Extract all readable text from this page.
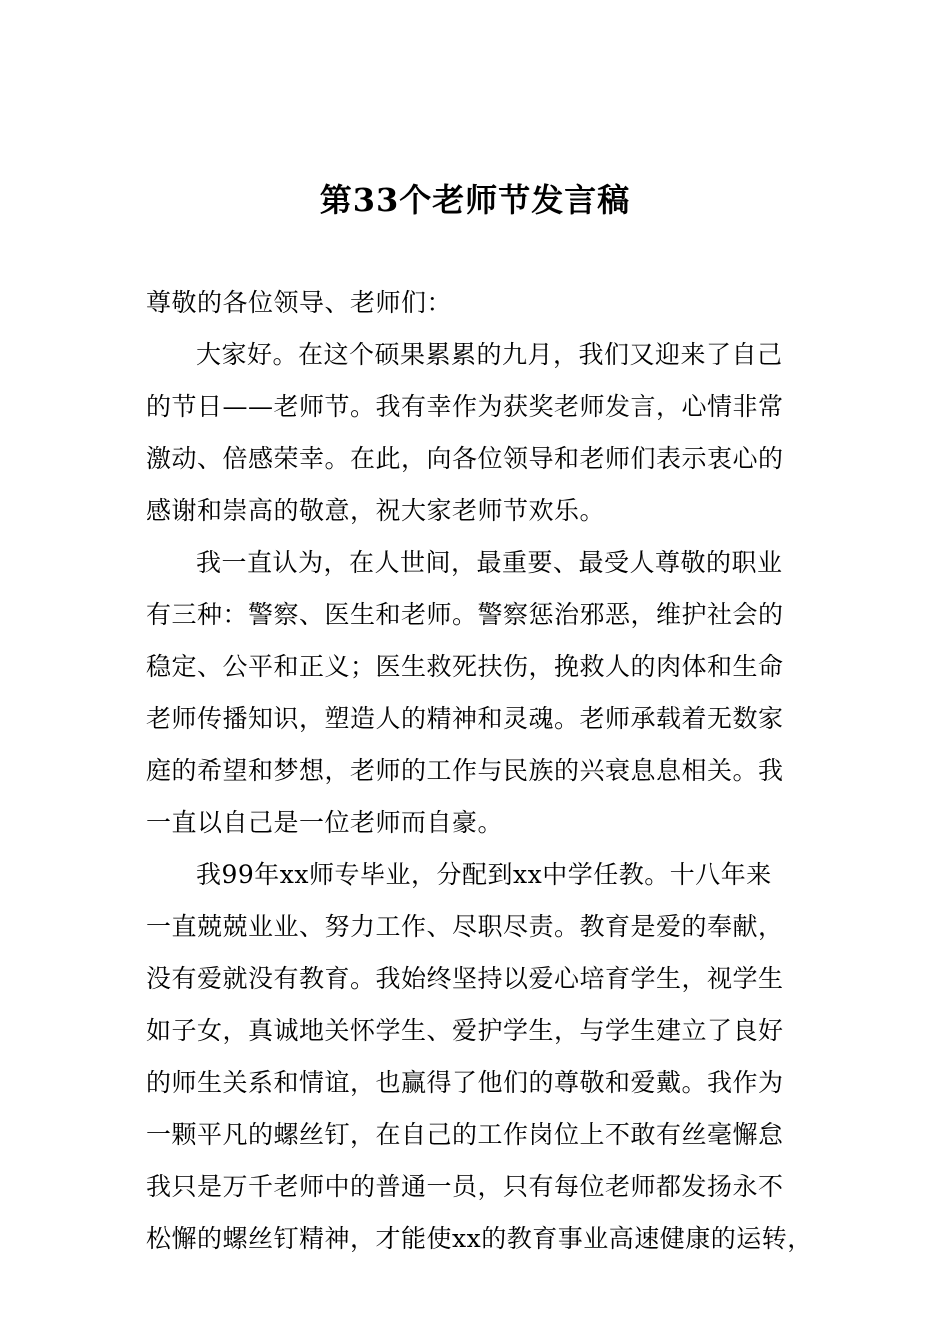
第33个老师节发言稿
尊敬的各位领导、老师们：
大家好。在这个硕果累累的九月，我们又迎来了自己
的节日——老师节。我有幸作为获奖老师发言，心情非常
激动、倍感荣幸。在此，向各位领导和老师们表示衷心的
感谢和崇高的敬意，祝大家老师节欢乐。
我一直认为，在人世间，最重要、最受人尊敬的职业
有三种：警察、医生和老师。警察惩治邪恶，维护社会的
稳定、公平和正义；医生救死扶伤，挽救人的肉体和生命
老师传播知识，塑造人的精神和灵魂。老师承载着无数家
庭的希望和梦想，老师的工作与民族的兴衰息息相关。我
一直以自己是一位老师而自豪。
我99年xx师专毕业，分配到xx中学任教。十八年来
一直兢兢业业、努力工作、尽职尽责。教育是爱的奉献，
没有爱就没有教育。我始终坚持以爱心培育学生，视学生
如子女，真诚地关怀学生、爱护学生，与学生建立了良好
的师生关系和情谊，也赢得了他们的尊敬和爱戴。我作为
一颗平凡的螺丝钉，在自己的工作岗位上不敢有丝毫懈怠
我只是万千老师中的普通一员，只有每位老师都发扬永不
松懈的螺丝钉精神，才能使xx的教育事业高速健康的运转，
